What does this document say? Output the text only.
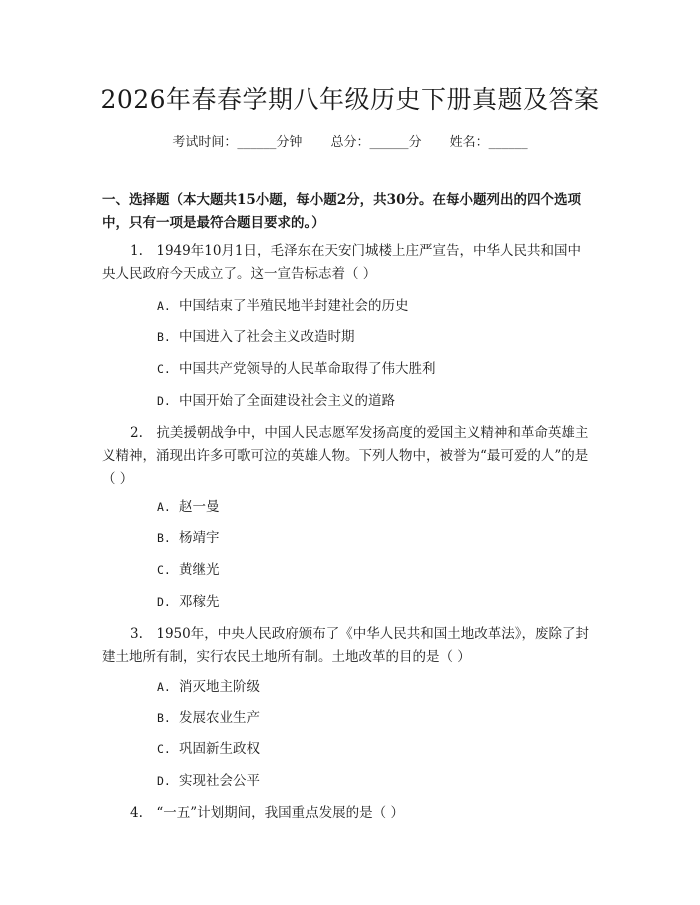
2026年春春学期八年级历史下册真题及答案
考试时间：______分钟 总分：______分 姓名：______
一、选择题（本大题共15小题，每小题2分，共30分。在每小题列出的四个选项中，只有一项是最符合题目要求的。）
1.　1949年10月1日，毛泽东在天安门城楼上庄严宣告，中华人民共和国中央人民政府今天成立了。这一宣告标志着（ ）
A. 中国结束了半殖民地半封建社会的历史
B. 中国进入了社会主义改造时期
C. 中国共产党领导的人民革命取得了伟大胜利
D. 中国开始了全面建设社会主义的道路
2.　抗美援朝战争中，中国人民志愿军发扬高度的爱国主义精神和革命英雄主义精神，涌现出许多可歌可泣的英雄人物。下列人物中，被誉为“最可爱的人”的是（ ）
A. 赵一曼
B. 杨靖宇
C. 黄继光
D. 邓稼先
3.　1950年，中央人民政府颁布了《中华人民共和国土地改革法》，废除了封建土地所有制，实行农民土地所有制。土地改革的目的是（ ）
A. 消灭地主阶级
B. 发展农业生产
C. 巩固新生政权
D. 实现社会公平
4.　“一五”计划期间，我国重点发展的是（ ）
